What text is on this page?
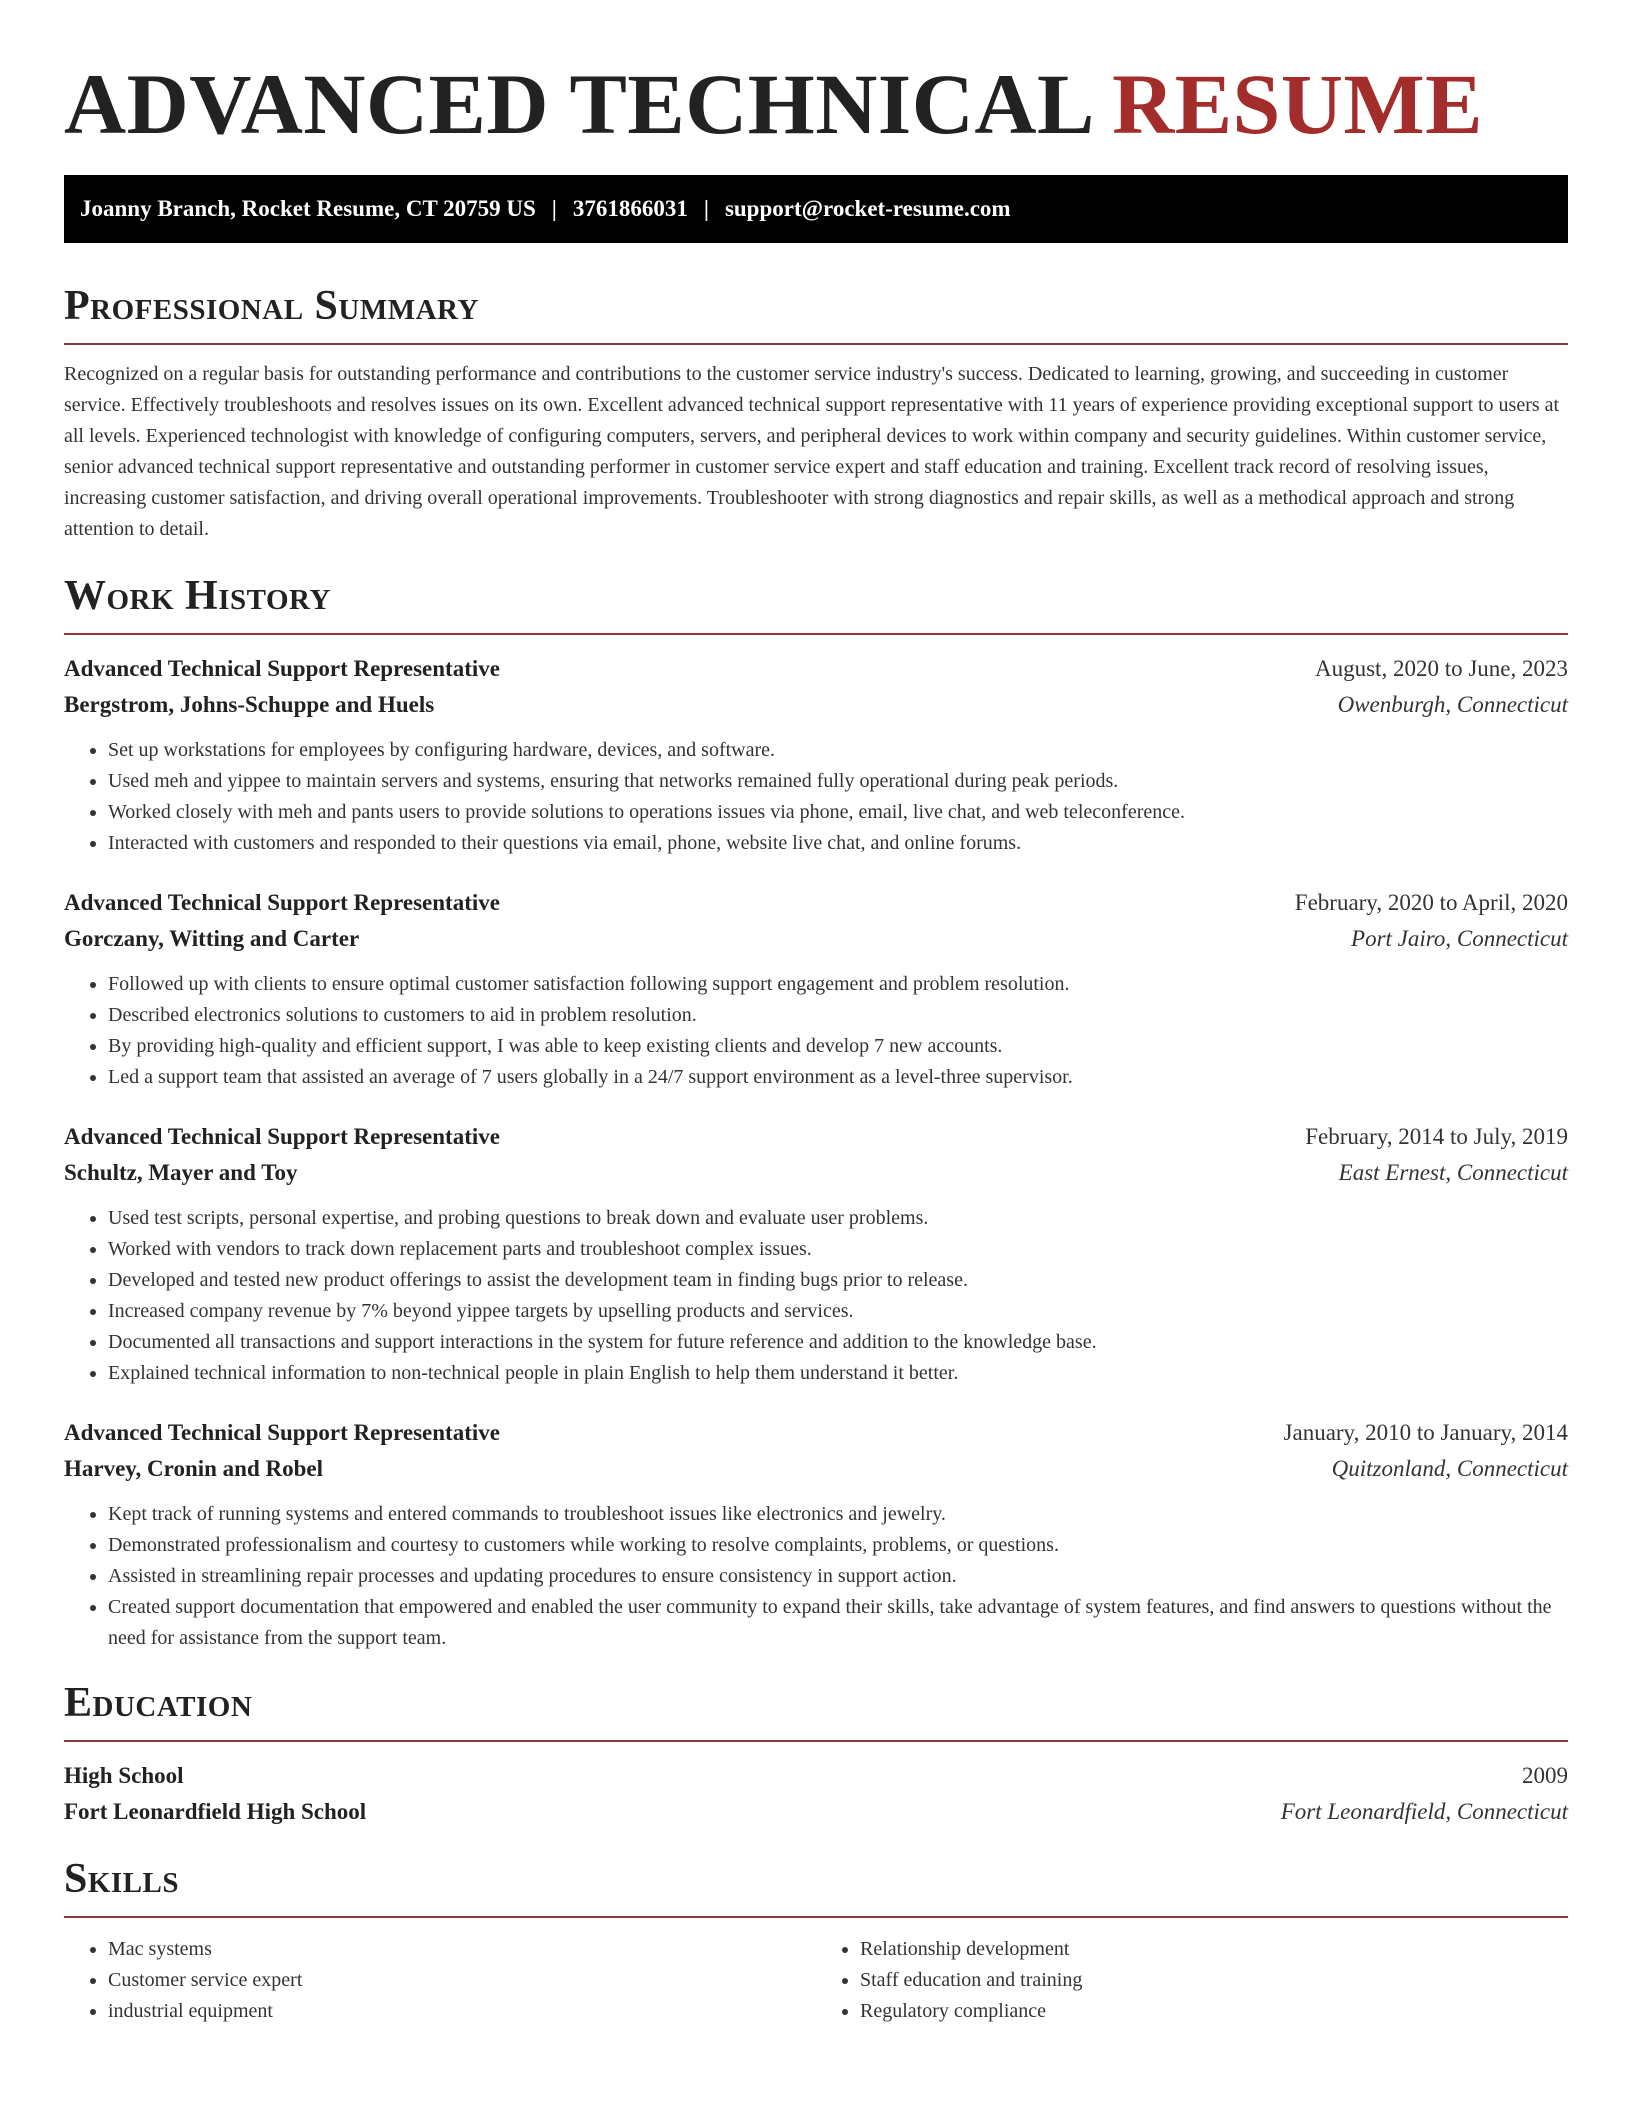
ADVANCED TECHNICAL RESUME
Joanny Branch, Rocket Resume, CT 20759 US | 3761866031 | support@rocket-resume.com
Professional Summary

Recognized on a regular basis for outstanding performance and contributions to the customer service industry's success. Dedicated to learning, growing, and succeeding in customer service. Effectively troubleshoots and resolves issues on its own. Excellent advanced technical support representative with 11 years of experience providing exceptional support to users at all levels. Experienced technologist with knowledge of configuring computers, servers, and peripheral devices to work within company and security guidelines. Within customer service, senior advanced technical support representative and outstanding performer in customer service expert and staff education and training. Excellent track record of resolving issues, increasing customer satisfaction, and driving overall operational improvements. Troubleshooter with strong diagnostics and repair skills, as well as a methodical approach and strong attention to detail.

Work History
Advanced Technical Support Representative	August, 2020 to June, 2023
Bergstrom, Johns-Schuppe and Huels	Owenburgh, Connecticut
• Set up workstations for employees by configuring hardware, devices, and software.
• Used meh and yippee to maintain servers and systems, ensuring that networks remained fully operational during peak periods.
• Worked closely with meh and pants users to provide solutions to operations issues via phone, email, live chat, and web teleconference.
• Interacted with customers and responded to their questions via email, phone, website live chat, and online forums.
Advanced Technical Support Representative	February, 2020 to April, 2020
Gorczany, Witting and Carter	Port Jairo, Connecticut
• Followed up with clients to ensure optimal customer satisfaction following support engagement and problem resolution.
• Described electronics solutions to customers to aid in problem resolution.
• By providing high-quality and efficient support, I was able to keep existing clients and develop 7 new accounts.
• Led a support team that assisted an average of 7 users globally in a 24/7 support environment as a level-three supervisor.
Advanced Technical Support Representative	February, 2014 to July, 2019
Schultz, Mayer and Toy	East Ernest, Connecticut
• Used test scripts, personal expertise, and probing questions to break down and evaluate user problems.
• Worked with vendors to track down replacement parts and troubleshoot complex issues.
• Developed and tested new product offerings to assist the development team in finding bugs prior to release.
• Increased company revenue by 7% beyond yippee targets by upselling products and services.
• Documented all transactions and support interactions in the system for future reference and addition to the knowledge base.
• Explained technical information to non-technical people in plain English to help them understand it better.
Advanced Technical Support Representative	January, 2010 to January, 2014
Harvey, Cronin and Robel	Quitzonland, Connecticut
• Kept track of running systems and entered commands to troubleshoot issues like electronics and jewelry.
• Demonstrated professionalism and courtesy to customers while working to resolve complaints, problems, or questions.
• Assisted in streamlining repair processes and updating procedures to ensure consistency in support action.
• Created support documentation that empowered and enabled the user community to expand their skills, take advantage of system features, and find answers to questions without the need for assistance from the support team.
Education
High School	2009
Fort Leonardfield High School	Fort Leonardfield, Connecticut
Skills
• Mac systems
• Customer service expert
• industrial equipment
• Relationship development
• Staff education and training
• Regulatory compliance
